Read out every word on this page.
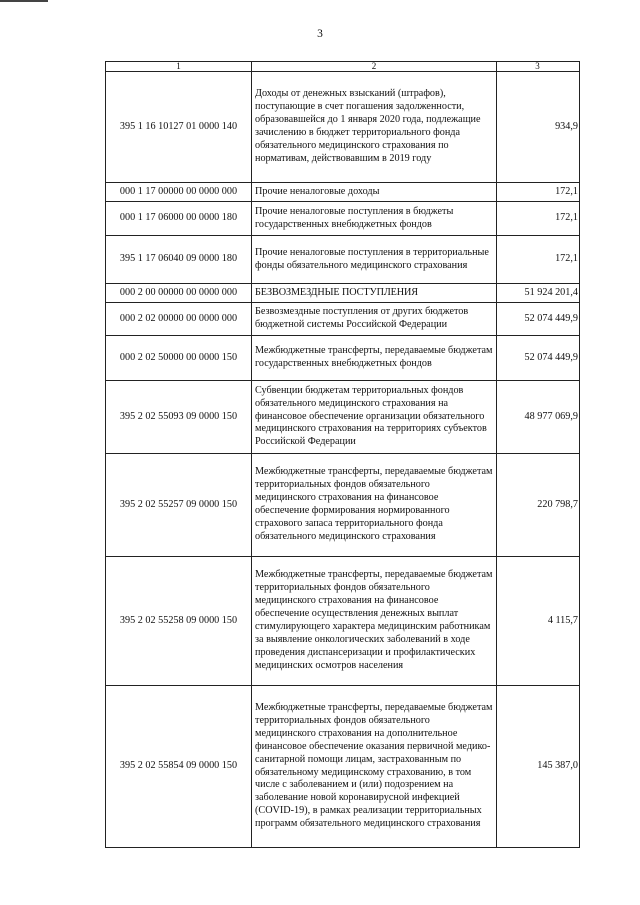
3
1	2	3
395 1 16 10127 01 0000 140	Доходы от денежных взысканий (штрафов), поступающие в счет погашения задолженности, образовавшейся до 1 января 2020 года, подлежащие зачислению в бюджет территориального фонда обязательного медицинского страхования по нормативам, действовавшим в 2019 году	934,9
000 1 17 00000 00 0000 000	Прочие неналоговые доходы	172,1
000 1 17 06000 00 0000 180	Прочие неналоговые поступления в бюджеты государственных внебюджетных фондов	172,1
395 1 17 06040 09 0000 180	Прочие неналоговые поступления в территориальные фонды обязательного медицинского страхования	172,1
000 2 00 00000 00 0000 000	БЕЗВОЗМЕЗДНЫЕ ПОСТУПЛЕНИЯ	51 924 201,4
000 2 02 00000 00 0000 000	Безвозмездные поступления от других бюджетов бюджетной системы Российской Федерации	52 074 449,9
000 2 02 50000 00 0000 150	Межбюджетные трансферты, передаваемые бюджетам государственных внебюджетных фондов	52 074 449,9
395 2 02 55093 09 0000 150	Субвенции бюджетам территориальных фондов обязательного медицинского страхования на финансовое обеспечение организации обязательного медицинского страхования на территориях субъектов Российской Федерации	48 977 069,9
395 2 02 55257 09 0000 150	Межбюджетные трансферты, передаваемые бюджетам территориальных фондов обязательного медицинского страхования на финансовое обеспечение формирования нормированного страхового запаса территориального фонда обязательного медицинского страхования	220 798,7
395 2 02 55258 09 0000 150	Межбюджетные трансферты, передаваемые бюджетам территориальных фондов обязательного медицинского страхования на финансовое обеспечение осуществления денежных выплат стимулирующего характера медицинским работникам за выявление онкологических заболеваний в ходе проведения диспансеризации и профилактических медицинских осмотров населения	4 115,7
395 2 02 55854 09 0000 150	Межбюджетные трансферты, передаваемые бюджетам территориальных фондов обязательного медицинского страхования на дополнительное финансовое обеспечение оказания первичной медико-санитарной помощи лицам, застрахованным по обязательному медицинскому страхованию, в том числе с заболеванием и (или) подозрением на заболевание новой коронавирусной инфекцией (COVID-19), в рамках реализации территориальных программ обязательного медицинского страхования	145 387,0
